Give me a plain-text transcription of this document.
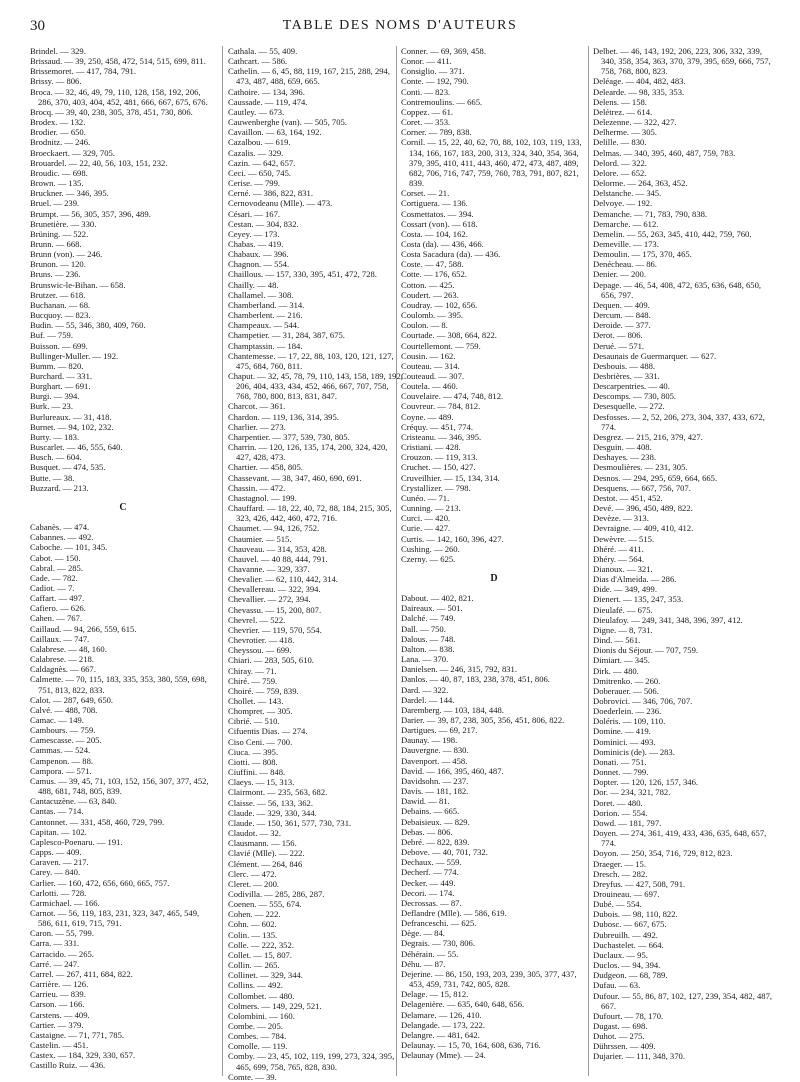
30	TABLE DES NOMS D'AUTEURS
Brindel. — 329.
Brissaud. — 39, 250, 458, 472, 514, 515, 699, 811.
Brissemoret. — 417, 784, 791.
Brissy. — 806.
Broca. — 32, 46, 49, 79, 110, 128, 158, 192, 206, 286, 370, 403, 404, 452, 481, 666, 667, 675, 676.
Brocq. — 39, 40, 238, 305, 378, 451, 730, 806.
Brodex. — 132.
Brodier. — 650.
Brodnitz. — 246.
Broeckaert. — 329, 705.
Brouardel. — 22, 40, 56, 103, 151, 232.
Broudic. — 698.
Brown. — 135.
Bruckner. — 346, 395.
Bruel. — 239.
Brumpt. — 56, 305, 357, 396, 489.
Brunetière. — 330.
Brüning. — 522.
Brunn. — 668.
Brunn (von). — 246.
Brunon. — 120.
Bruns. — 236.
Brunswic-le-Bihan. — 658.
Brutzer. — 618.
Buchanan. — 68.
Bucquoy. — 823.
Budin. — 55, 346, 380, 409, 760.
Buf. — 759.
Buisson. — 699.
Bullinger-Muller. — 192.
Bumm. — 820.
Burchard. — 331.
Burghart. — 691.
Burgi. — 394.
Burk. — 23.
Burlureaux. — 31, 418.
Burnet. — 94, 102, 232.
Burty. — 183.
Buscarlet. — 46, 555, 640.
Busch. — 604.
Busquet. — 474, 535.
Butte. — 38.
Buzzard. — 213.
C
Cabanès. — 474.
Cabannes. — 492.
Caboche. — 101, 345.
Cabot. — 150.
Cabral. — 285.
Cade. — 782.
Cadiot. — 7.
Caffart. — 497.
Cafiero. — 626.
Cahen. — 767.
Caillaud. — 94, 266, 559, 615.
Caillaux. — 747.
Calabrese. — 48, 160.
Calabrese. — 218.
Caldagnès. — 667.
Calmette. — 70, 115, 183, 335, 353, 380, 559, 698, 751, 813, 822, 833.
Calot. — 287, 649, 650.
Calvé. — 488, 708.
Camac. — 149.
Cambours. — 759.
Camescasse. — 205.
Cammas. — 524.
Campenon. — 88.
Campora. — 571.
Camus. — 39, 45, 71, 103, 152, 156, 307, 377, 452, 488, 681, 748, 805, 839.
Cantacuzène. — 63, 840.
Cantas. — 714.
Cantonnet. — 331, 458, 460, 729, 799.
Capitan. — 102.
Caplesco-Poenaru. — 191.
Capps. — 409.
Caraven. — 217.
Carey. — 840.
Carlier. — 160, 472, 656, 660, 665, 757.
Carlotti. — 728.
Carmichael. — 166.
Carnot. — 56, 119, 183, 231, 323, 347, 465, 549, 586, 611, 619, 715, 791.
Caron. — 55, 799.
Carra. — 331.
Carracido. — 265.
Carré. — 247.
Carrel. — 267, 411, 684, 822.
Carrière. — 126.
Carrieu. — 839.
Carson. — 166.
Carstens. — 409.
Cartier. — 379.
Castaigne. — 71, 771, 785.
Castelin. — 451.
Castex. — 184, 329, 330, 657.
Castillo Ruiz. — 436.
Cathala. — 55, 409.
Cathcart. — 586.
Cathelin. — 6, 45, 88, 119, 167, 215, 288, 294, 473, 487, 488, 659, 665.
Cathoire. — 134, 396.
Caussade. — 119, 474.
Cautley. — 673.
Cauwenberghe (van). — 505, 705.
Cavaillon. — 63, 164, 192.
Cazalbou. — 619.
Cazalis. — 329.
Cazin. — 642, 657.
Ceci. — 650, 745.
Cerise. — 799.
Cerné. — 386, 822, 831.
Cernovodeanu (Mlle). — 473.
Césari. — 167.
Cestan. — 304, 832.
Ceyey. — 173.
Chabas. — 419.
Chabaux. — 396.
Chagnon. — 554.
Chaillous. — 157, 330, 395, 451, 472, 728.
Chailly. — 48.
Challamel. — 308.
Chamberland. — 314.
Chamberlent. — 216.
Champeaux. — 544.
Champetier. — 31, 284, 387, 675.
Champtassin. — 184.
Chantemesse. — 17, 22, 88, 103, 120, 121, 127, 475, 684, 760, 811.
Chaput. — 32, 45, 78, 79, 110, 143, 158, 189, 192, 206, 404, 433, 434, 452, 466, 667, 707, 758, 768, 780, 800, 813, 831, 847.
Charcot. — 361.
Chardon. — 119, 136, 314, 395.
Charlier. — 273.
Charpentier. — 377, 539, 730, 805.
Charrin. — 120, 126, 135, 174, 200, 324, 420, 427, 428, 473.
Chartier. — 458, 805.
Chassevant. — 38, 347, 460, 690, 691.
Chassin. — 472.
Chastagnol. — 199.
Chauffard. — 18, 22, 40, 72, 88, 184, 215, 305, 323, 426, 442, 460, 472, 716.
Chaumet. — 94, 126, 752.
Chaumier. — 515.
Chauveau. — 314, 353, 428.
Chauvel. — 40 88, 444, 791.
Chavanne. — 329, 337.
Chevalier. — 62, 110, 442, 314.
Chevallereau. — 322, 394.
Chevallier. — 272, 394.
Chevassu. — 15, 200, 807.
Chevrel. — 522.
Chevrier. — 119, 570, 554.
Chevrotier. — 418.
Cheyssou. — 699.
Chiari. — 283, 505, 610.
Chiray. — 71.
Chiré. — 759.
Choiré. — 759, 839.
Chollet. — 143.
Chompret. — 305.
Cibrié. — 510.
Cifuentis Dias. — 274.
Ciso Ceni. — 700.
Ciuca. — 395.
Ciotti. — 808.
Ciuffini. — 848.
Claeys. — 15, 313.
Clairmont. — 235, 563, 682.
Claisse. — 56, 133, 362.
Claude. — 329, 330, 344.
Claude. — 150, 361, 577, 730, 731.
Claudot. — 32.
Clausmann. — 156.
Clavié (Mlle). — 222.
Clément. — 264, 846
Clerc. — 472.
Cleret. — 200.
Codivilla. — 285, 286, 287.
Coenen. — 555, 674.
Cohen. — 222.
Cohn. — 602.
Colin. — 135.
Colle. — 222, 352.
Collet. — 15, 807.
Collin. — 265.
Collinet. — 329, 344.
Collins. — 492.
Collombet. — 480.
Colmers. — 149, 229, 521.
Colombini. — 160.
Combe. — 205.
Combes. — 784.
Comolle. — 119.
Comby. — 23, 45, 102, 119, 199, 273, 324, 395, 465, 699, 758, 765, 828, 830.
Comte. — 39.
Conner. — 69, 369, 458.
Conor. — 411.
Consiglio. — 371.
Conte. — 192, 790.
Conti. — 823.
Contremoulins. — 665.
Coppez. — 61.
Coret. — 353.
Corner. — 789, 838.
Cornil. — 15, 22, 40, 62, 70, 88, 102, 103, 119, 133, 134, 166, 167, 183, 200, 313, 324, 340, 354, 364, 379, 395, 410, 411, 443, 460, 472, 473, 487, 489, 682, 706, 716, 747, 759, 760, 783, 791, 807, 821, 839.
Corset. — 21.
Cortiguera. — 136.
Cosmettatos. — 394.
Cossart (von). — 618.
Costa. — 104, 162.
Costa (da). — 436, 466.
Costa Sacadura (da). — 436.
Coste. — 47, 588.
Cotte. — 176, 652.
Cotton. — 425.
Coudert. — 263.
Coudray. — 102, 656.
Coulomb. — 395.
Coulon. — 8.
Courtade. — 308, 664, 822.
Courtellemont. — 759.
Cousin. — 162.
Couteau. — 314.
Couteaud. — 307.
Coutela. — 460.
Couvelaire. — 474, 748, 812.
Couvreur. — 784, 812.
Coyne. — 489.
Créquy. — 451, 774.
Cristeanu. — 346, 395.
Cristiani. — 428.
Crouzon. — 119, 313.
Cruchet. — 150, 427.
Cruveilhier. — 15, 134, 314.
Crystallizer. — 798.
Cunéo. — 71.
Cunning. — 213.
Curci. — 420.
Curie. — 427.
Curtis. — 142, 160, 396, 427.
Cushing. — 260.
Czerny. — 625.
D
Dabout. — 402, 821.
Daireaux. — 501.
Dalché. — 749.
Dall. — 750.
Dalous. — 748.
Dalton. — 838.
Lana. — 370.
Danielsen. — 246, 315, 792, 831.
Danlos. — 40, 87, 183, 238, 378, 451, 806.
Dard. — 322.
Dardel. — 144.
Daremberg. — 103, 184, 448.
Darier. — 39, 87, 238, 305, 356, 451, 806, 822.
Dartigues. — 69, 217.
Daunay. — 198.
Dauvergne. — 830.
Davenport. — 458.
David. — 166, 395, 460, 487.
Davidsohn. — 237.
Davis. — 181, 182.
Dawid. — 81.
Debains. — 665.
Debaisieux. — 829.
Debas. — 806.
Debré. — 822, 839.
Debove. — 40, 701, 732.
Dechaux. — 559.
Decherf. — 774.
Decker. — 449.
Decori. — 174.
Decrossas. — 87.
Deflandre (Mlle). — 586, 619.
Defranceschi. — 625.
Dège. — 84.
Degrais. — 730, 806.
Déhérain. — 55.
Déhu. — 87.
Dejerine. — 86, 150, 193, 203, 239, 305, 377, 437, 453, 459, 731, 742, 805, 828.
Delage. — 15, 812.
Delagenière. — 635, 640, 648, 656.
Delamare. — 126, 410.
Delangade. — 173, 222.
Delangre. — 481, 642.
Delaunay. — 15, 70, 164, 608, 636, 716.
Delaunay (Mme). — 24.
Delbet. — 46, 143, 192, 206, 223, 306, 332, 339, 340, 358, 354, 363, 370, 379, 395, 659, 666, 757, 758, 768, 800, 823.
Deléage. — 404, 482, 483.
Delearde. — 98, 335, 353.
Delens. — 158.
Delétrez. — 614.
Delezenne. — 322, 427.
Delherme. — 305.
Delille. — 830.
Delmas. — 340, 395, 460, 487, 759, 783.
Delord. — 322.
Delore. — 652.
Delorme. — 264, 363, 452.
Delstanche. — 345.
Delvoye. — 192.
Demanche. — 71, 783, 790, 838.
Demarche. — 612.
Demelin. — 55, 263, 345, 410, 442, 759, 760.
Demeville. — 173.
Demoulin. — 175, 370, 465.
Denécheau. — 86.
Denier. — 200.
Depage. — 46, 54, 408, 472, 635, 636, 648, 650, 656, 797.
Dequen. — 409.
Dercum. — 848.
Deroide. — 377.
Derot. — 806.
Derué. — 571.
Desaunais de Guermarquer. — 627.
Desbouis. — 488.
Desbrières. — 331.
Descarpentries. — 40.
Descomps. — 730, 805.
Desesquelle. — 272.
Desfosses. — 2, 52, 206, 273, 304, 337, 433, 672, 774.
Desgrez. — 215, 216, 379, 427.
Desguin. — 408.
Deshayes. — 238.
Desmoulières. — 231, 305.
Desnos. — 294, 295, 659, 664, 665.
Desquens. — 667, 756, 707.
Destot. — 451, 452.
Devé. — 396, 450, 489, 822.
Devèze. — 313.
Devraigne. — 409, 410, 412.
Dewèvre. — 515.
Dhéré. — 411.
Dhéry. — 564.
Dianoux. — 321.
Dias d'Almeida. — 286.
Dide. — 349, 499.
Dienert. — 135, 247, 353.
Dieulafé. — 675.
Dieulafoy. — 249, 341, 348, 396, 397, 412.
Digne. — 8, 731.
Dind. — 561.
Dionis du Séjour. — 707, 759.
Dimiart. — 345.
Dirk. — 480.
Dmitrenko. — 260.
Doberauer. — 506.
Dobrovici. — 346, 706, 707.
Doederlein. — 236.
Doléris. — 109, 110.
Domine. — 419.
Dominici. — 493.
Dominicis (de). — 283.
Donati. — 751.
Donnet. — 799.
Dopter. — 120, 126, 157, 346.
Dor. — 234, 321, 782.
Doret. — 480.
Dorion. — 554.
Dowd. — 181, 797.
Doyen. — 274, 361, 419, 433, 436, 635, 648, 657, 774.
Doyon. — 250, 354, 716, 729, 812, 823.
Draeger. — 15.
Dresch. — 282.
Dreyfus. — 427, 508, 791.
Drouineau. — 697.
Dubé. — 554.
Dubois. — 98, 110, 822.
Dubosc. — 667, 675.
Dubreuilh. — 492.
Duchastelet. — 664.
Duclaux. — 95.
Duclos. — 94, 394.
Dudgeon. — 68, 789.
Dufau. — 63.
Dufour. — 55, 86, 87, 102, 127, 239, 354, 482, 487, 667.
Dufourt. — 78, 170.
Dugast. — 698.
Duhot. — 275.
Dührssen. — 409.
Dujarier. — 111, 348, 370.
